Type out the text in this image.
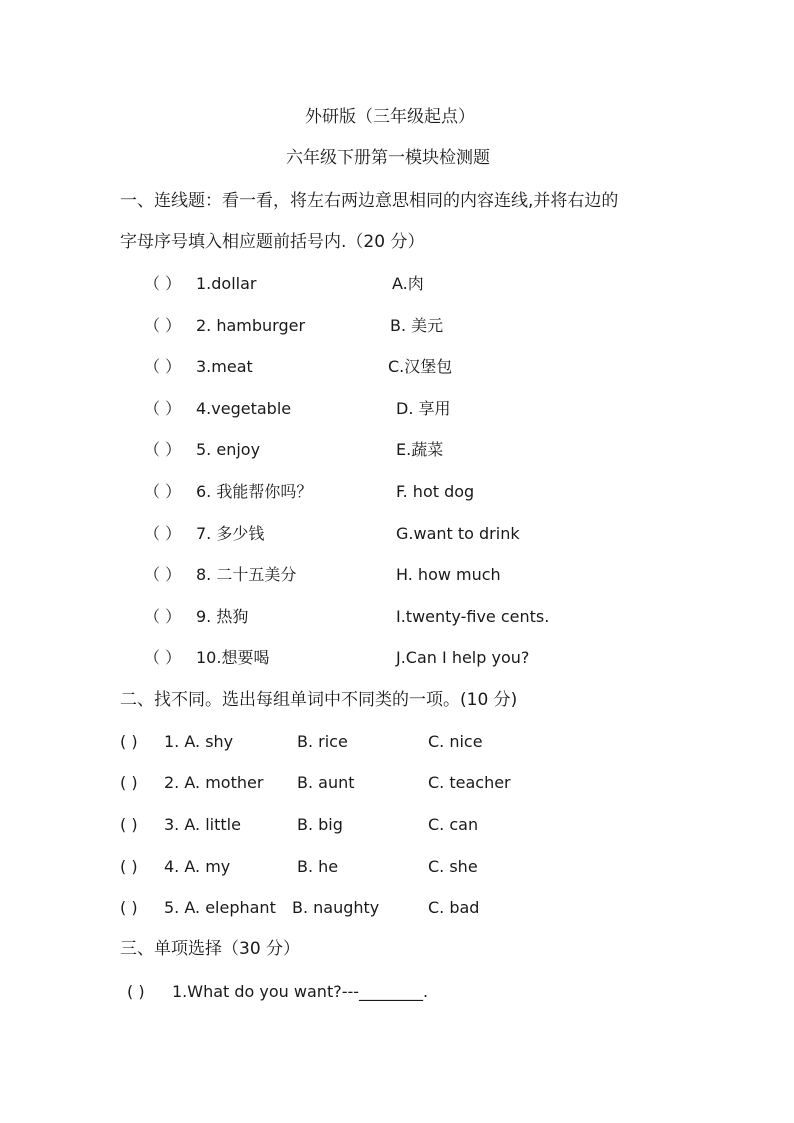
外研版（三年级起点）
六年级下册第一模块检测题
一、连线题：看一看，将左右两边意思相同的内容连线,并将右边的
字母序号填入相应题前括号内.（20 分）
（ ） 1.dollar	A.肉
（ ） 2. hamburger	B. 美元
（ ） 3.meat	C.汉堡包
（ ） 4.vegetable	D. 享用
（ ） 5. enjoy	E.蔬菜
（ ） 6. 我能帮你吗？	F. hot dog
（ ） 7. 多少钱	G.want to drink
（ ） 8. 二十五美分	H. how much
（ ） 9. 热狗	I.twenty-five cents.
（ ） 10.想要喝	J.Can I help you?
二、找不同。选出每组单词中不同类的一项。(10 分)
( ) 1. A. shy	B. rice	C. nice
( ) 2. A. mother B. aunt	C. teacher
( ) 3. A. little	B. big	C. can
( ) 4. A. my	B. he	C. she
( ) 5. A. elephant B. naughty	C. bad
三、单项选择（30 分）
( ) 1.What do you want?---________.
